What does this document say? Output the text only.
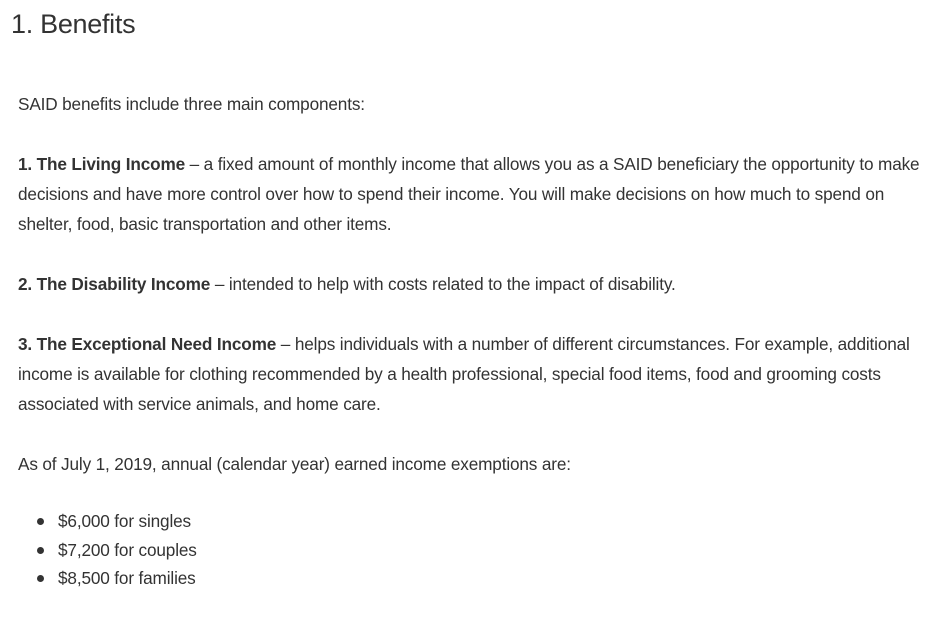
1. Benefits

SAID benefits include three main components:

1. The Living Income – a fixed amount of monthly income that allows you as a SAID beneficiary the opportunity to make decisions and have more control over how to spend their income. You will make decisions on how much to spend on shelter, food, basic transportation and other items.

2. The Disability Income – intended to help with costs related to the impact of disability.

3. The Exceptional Need Income – helps individuals with a number of different circumstances. For example, additional income is available for clothing recommended by a health professional, special food items, food and grooming costs associated with service animals, and home care.

As of July 1, 2019, annual (calendar year) earned income exemptions are:

$6,000 for singles
$7,200 for couples
$8,500 for families
